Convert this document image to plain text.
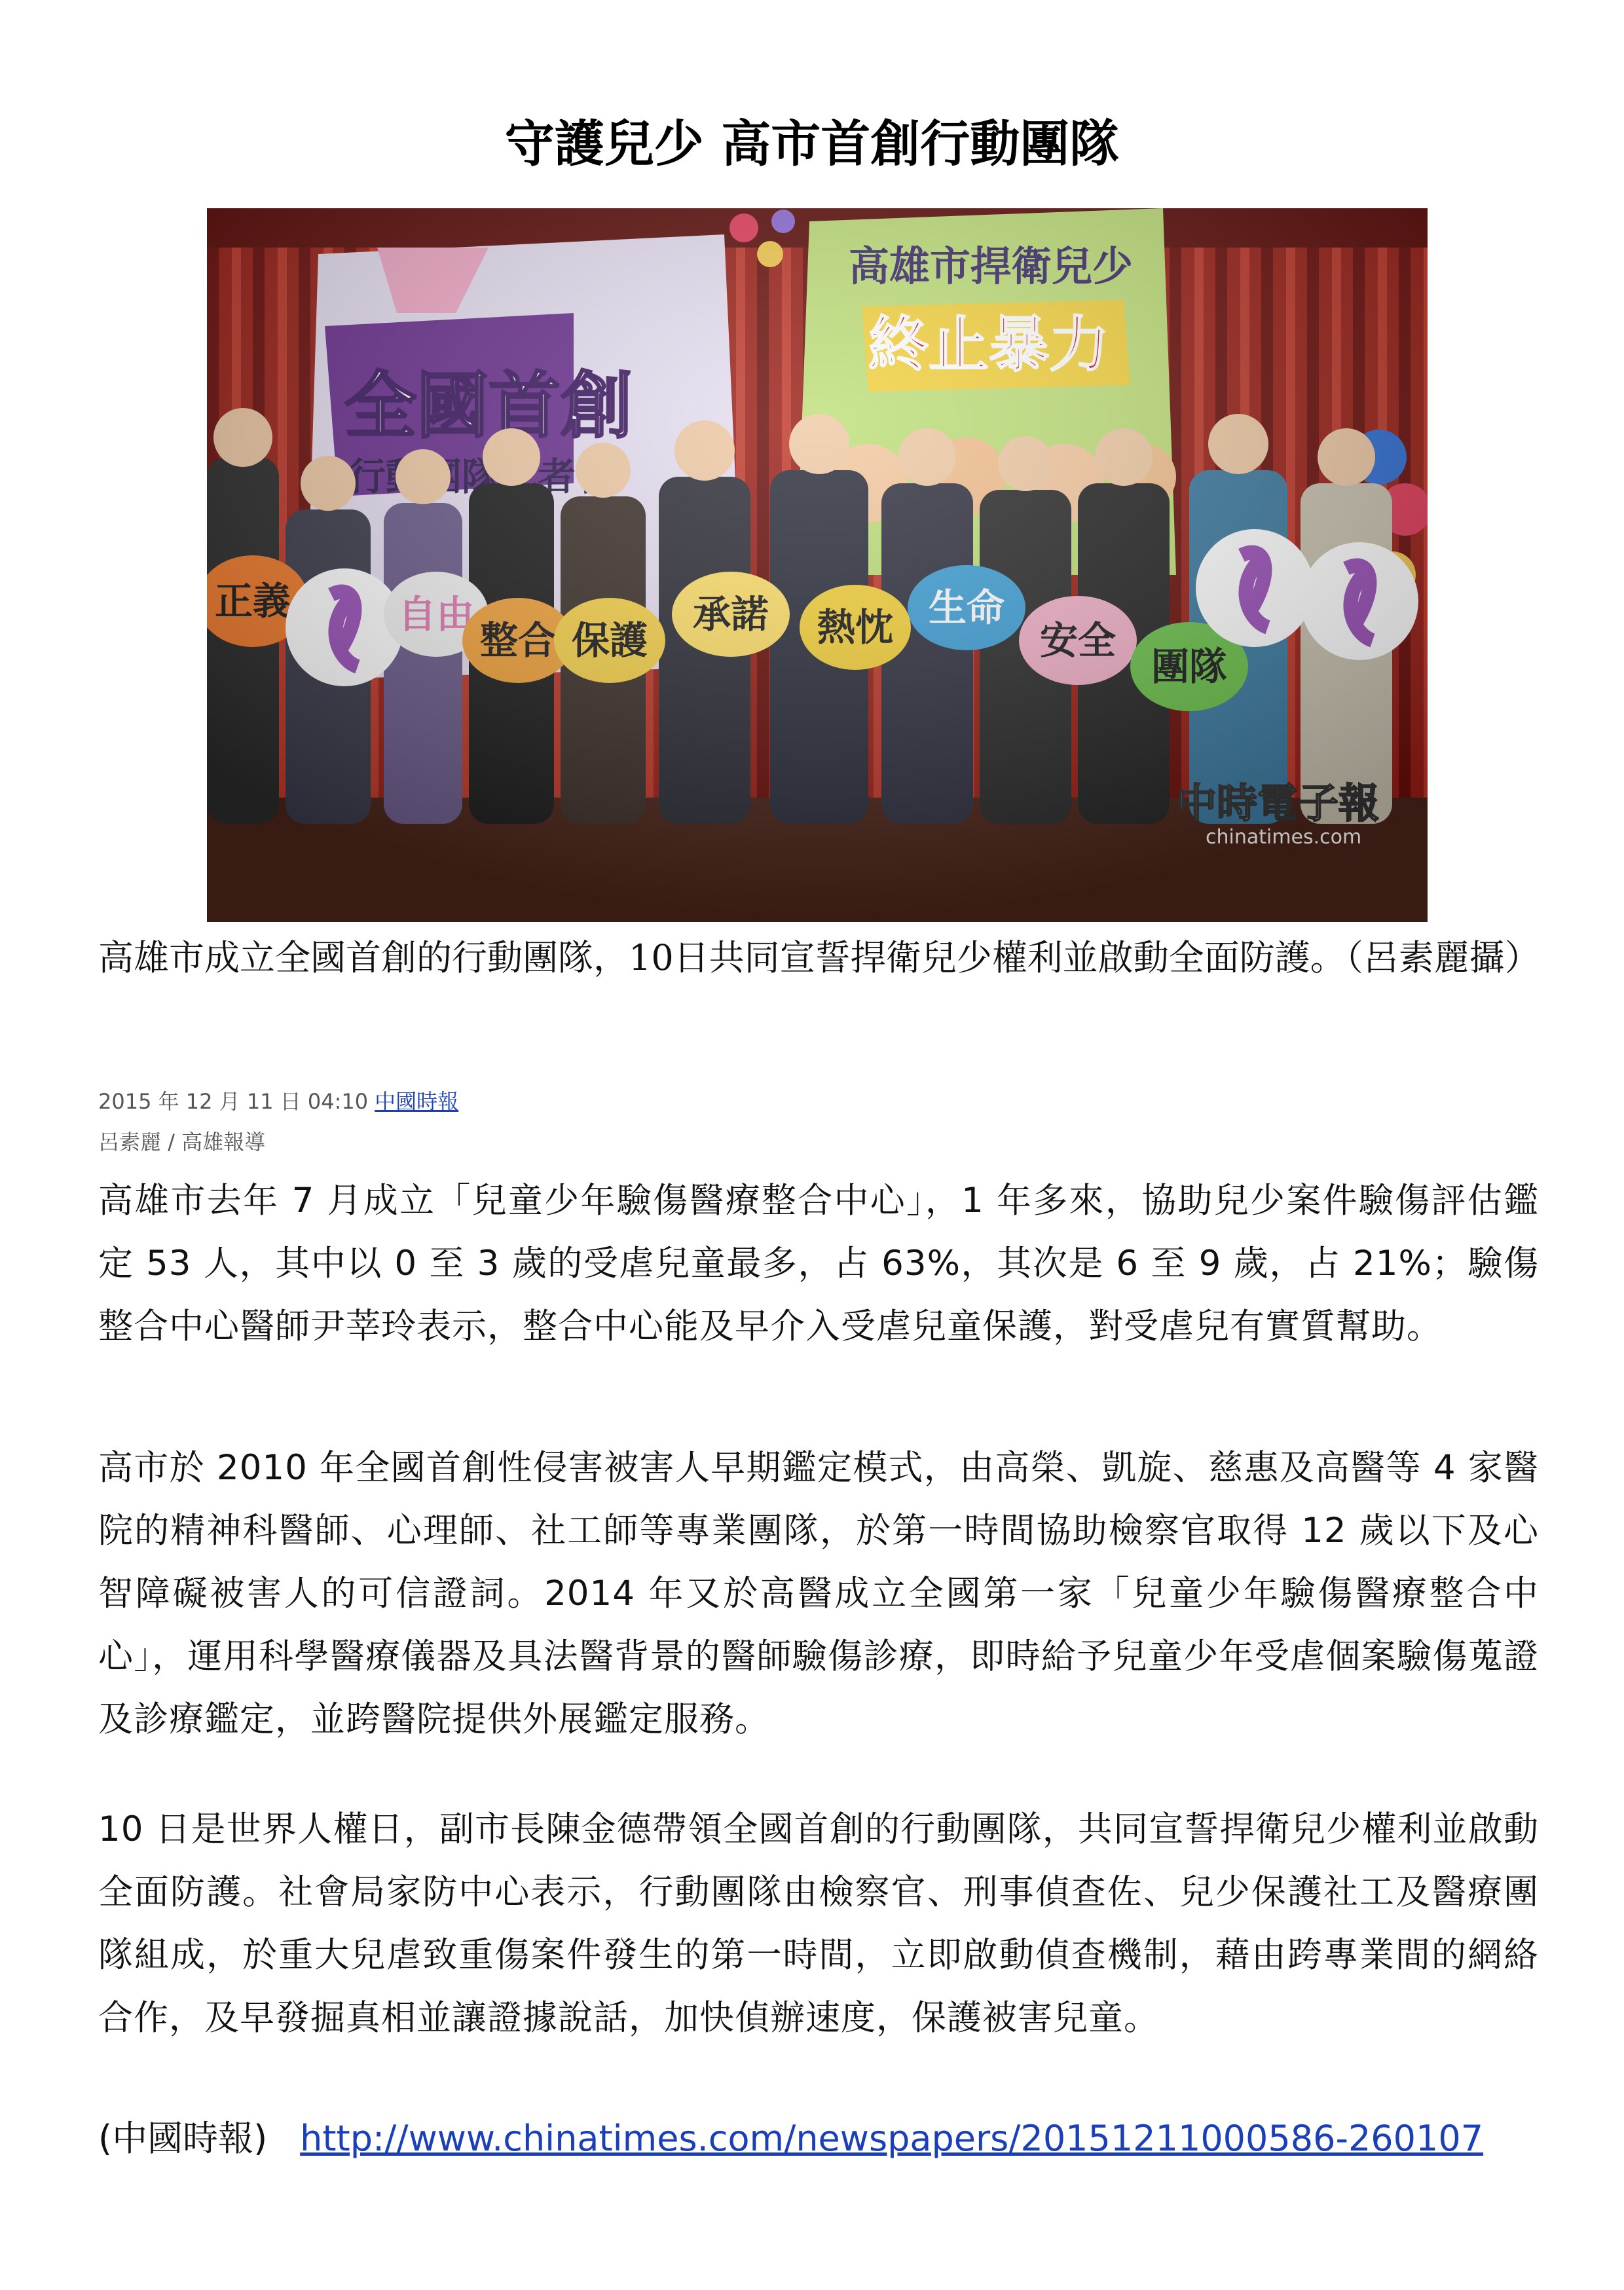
守護兒少 高市首創行動團隊
高雄市成立全國首創的行動團隊，10日共同宣誓捍衛兒少權利並啟動全面防護。（呂素麗攝）
2015 年 12 月 11 日 04:10 中國時報
呂素麗 / 高雄報導
高雄市去年 7 月成立「兒童少年驗傷醫療整合中心」，1 年多來，協助兒少案件驗傷評估鑑定 53 人，其中以 0 至 3 歲的受虐兒童最多，占 63%，其次是 6 至 9 歲，占 21%；驗傷整合中心醫師尹莘玲表示，整合中心能及早介入受虐兒童保護，對受虐兒有實質幫助。
高市於 2010 年全國首創性侵害被害人早期鑑定模式，由高榮、凱旋、慈惠及高醫等 4 家醫院的精神科醫師、心理師、社工師等專業團隊，於第一時間協助檢察官取得 12 歲以下及心智障礙被害人的可信證詞。2014 年又於高醫成立全國第一家「兒童少年驗傷醫療整合中心」，運用科學醫療儀器及具法醫背景的醫師驗傷診療，即時給予兒童少年受虐個案驗傷蒐證及診療鑑定，並跨醫院提供外展鑑定服務。
10 日是世界人權日，副市長陳金德帶領全國首創的行動團隊，共同宣誓捍衛兒少權利並啟動全面防護。社會局家防中心表示，行動團隊由檢察官、刑事偵查佐、兒少保護社工及醫療團隊組成，於重大兒虐致重傷案件發生的第一時間，立即啟動偵查機制，藉由跨專業間的網絡合作，及早發掘真相並讓證據說話，加快偵辦速度，保護被害兒童。
(中國時報) http://www.chinatimes.com/newspapers/20151211000586-260107
